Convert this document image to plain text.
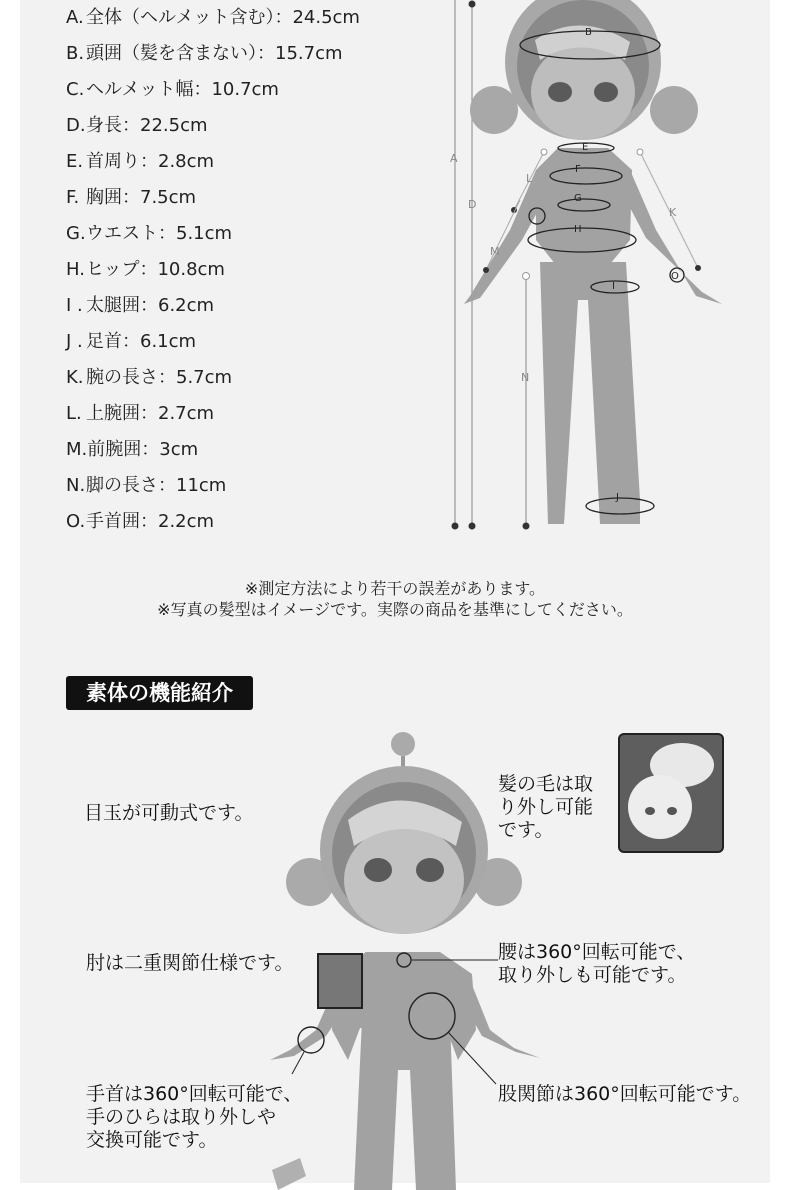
A. 全体（ヘルメット含む）：24.5cm
B. 頭囲（髪を含まない）：15.7cm
C.ヘルメット幅：10.7cm
D.身長：22.5cm
E. 首周り：2.8cm
F. 胸囲：7.5cm
G.ウエスト：5.1cm
H.ヒップ：10.8cm
I . 太腿囲：6.2cm
J . 足首：6.1cm
K. 腕の長さ：5.7cm
L. 上腕囲：2.7cm
M.前腕囲：3cm
N.脚の長さ：11cm
O.手首囲：2.2cm
A
B
D
E
F
G
H
I
J
K
L
M
N
O
※測定方法により若干の誤差があります。
※写真の髪型はイメージです。実際の商品を基準にしてください。
素体の機能紹介
目玉が可動式です。
髪の毛は取
り外し可能
です。
肘は二重関節仕様です。	腰は360°回転可能で、
取り外しも可能です。
手首は360°回転可能で、
手のひらは取り外しや
交換可能です。
股関節は360°回転可能です。
